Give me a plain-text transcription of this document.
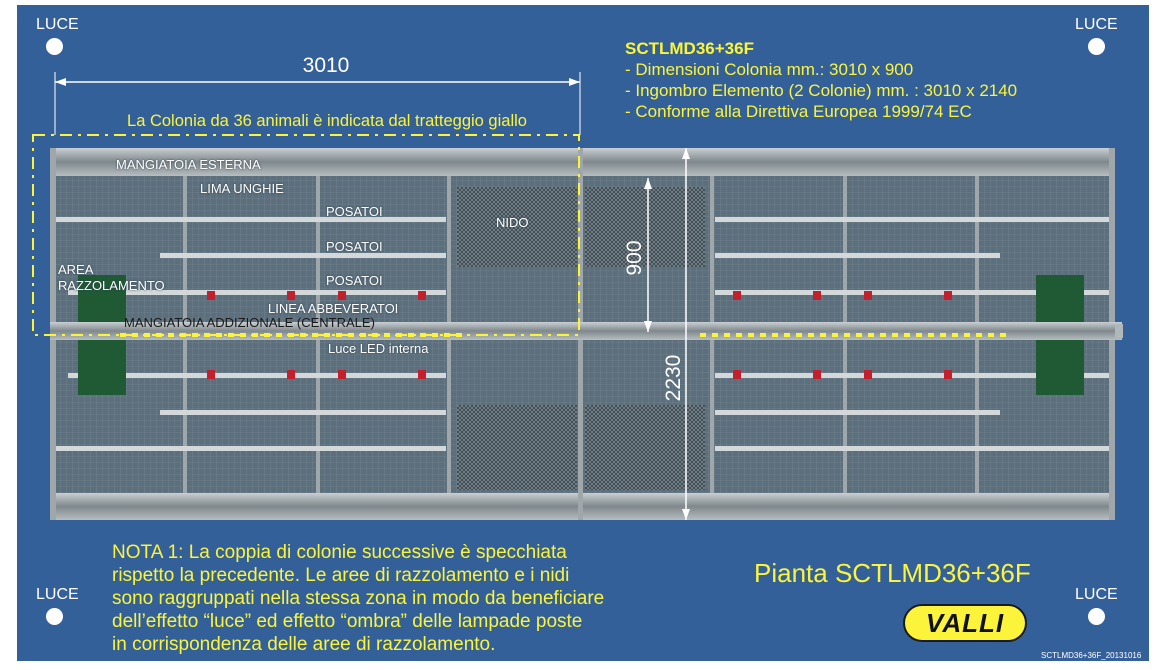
LUCE	LUCE
LUCE	LUCE
SCTLMD36+36F
- Dimensioni Colonia mm.: 3010 x 900
- Ingombro Elemento (2 Colonie) mm. : 3010 x 2140
- Conforme alla Direttiva Europea 1999/74 EC
3010
900
2230
La Colonia da 36 animali è indicata dal tratteggio giallo
MANGIATOIA ESTERNA
LIMA UNGHIE
POSATOI
NIDO
POSATOI
AREA
POSATOI
RAZZOLAMENTO
LINEA ABBEVERATOI
MANGIATOIA ADDIZIONALE (CENTRALE)
Luce LED interna
NOTA 1: La coppia di colonie successive è specchiata
rispetto la precedente. Le aree di razzolamento e i nidi
sono raggruppati nella stessa zona in modo da beneficiare
dell’effetto “luce” ed effetto “ombra” delle lampade poste
in corrispondenza delle aree di razzolamento.
Pianta SCTLMD36+36F
VALLI
SCTLMD36+36F_20131016
